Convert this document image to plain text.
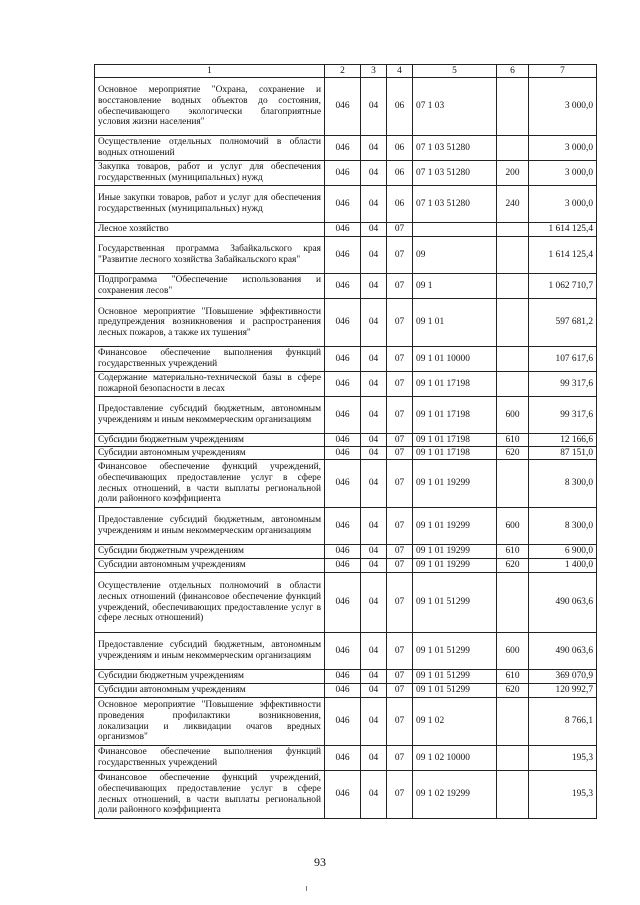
1	2	3	4	5	6	7
Основное мероприятие "Охрана, сохранение и восстановление водных объектов до состояния, обеспечивающего экологически благоприятные условия жизни населения"	046	04	06	07 1 03		3 000,0
Осуществление отдельных полномочий в области водных отношений	046	04	06	07 1 03 51280		3 000,0
Закупка товаров, работ и услуг для обеспечения государственных (муниципальных) нужд	046	04	06	07 1 03 51280	200	3 000,0
Иные закупки товаров, работ и услуг для обеспечения государственных (муниципальных) нужд	046	04	06	07 1 03 51280	240	3 000,0
Лесное хозяйство	046	04	07			1 614 125,4
Государственная программа Забайкальского края "Развитие лесного хозяйства Забайкальского края"	046	04	07	09		1 614 125,4
Подпрограмма "Обеспечение использования и сохранения лесов"	046	04	07	09 1		1 062 710,7
Основное мероприятие "Повышение эффективности предупреждения возникновения и распространения лесных пожаров, а также их тушения"	046	04	07	09 1 01		597 681,2
Финансовое обеспечение выполнения функций государственных учреждений	046	04	07	09 1 01 10000		107 617,6
Содержание материально-технической базы в сфере пожарной безопасности в лесах	046	04	07	09 1 01 17198		99 317,6
Предоставление субсидий бюджетным, автономным учреждениям и иным некоммерческим организациям	046	04	07	09 1 01 17198	600	99 317,6
Субсидии бюджетным учреждениям	046	04	07	09 1 01 17198	610	12 166,6
Субсидии автономным учреждениям	046	04	07	09 1 01 17198	620	87 151,0
Финансовое обеспечение функций учреждений, обеспечивающих предоставление услуг в сфере лесных отношений, в части выплаты региональной доли районного коэффициента	046	04	07	09 1 01 19299		8 300,0
Предоставление субсидий бюджетным, автономным учреждениям и иным некоммерческим организациям	046	04	07	09 1 01 19299	600	8 300,0
Субсидии бюджетным учреждениям	046	04	07	09 1 01 19299	610	6 900,0
Субсидии автономным учреждениям	046	04	07	09 1 01 19299	620	1 400,0
Осуществление отдельных полномочий в области лесных отношений (финансовое обеспечение функций учреждений, обеспечивающих предоставление услуг в сфере лесных отношений)	046	04	07	09 1 01 51299		490 063,6
Предоставление субсидий бюджетным, автономным учреждениям и иным некоммерческим организациям	046	04	07	09 1 01 51299	600	490 063,6
Субсидии бюджетным учреждениям	046	04	07	09 1 01 51299	610	369 070,9
Субсидии автономным учреждениям	046	04	07	09 1 01 51299	620	120 992,7
Основное мероприятие "Повышение эффективности проведения профилактики возникновения, локализации и ликвидации очагов вредных организмов"	046	04	07	09 1 02		8 766,1
Финансовое обеспечение выполнения функций государственных учреждений	046	04	07	09 1 02 10000		195,3
Финансовое обеспечение функций учреждений, обеспечивающих предоставление услуг в сфере лесных отношений, в части выплаты региональной доли районного коэффициента	046	04	07	09 1 02 19299		195,3
93
